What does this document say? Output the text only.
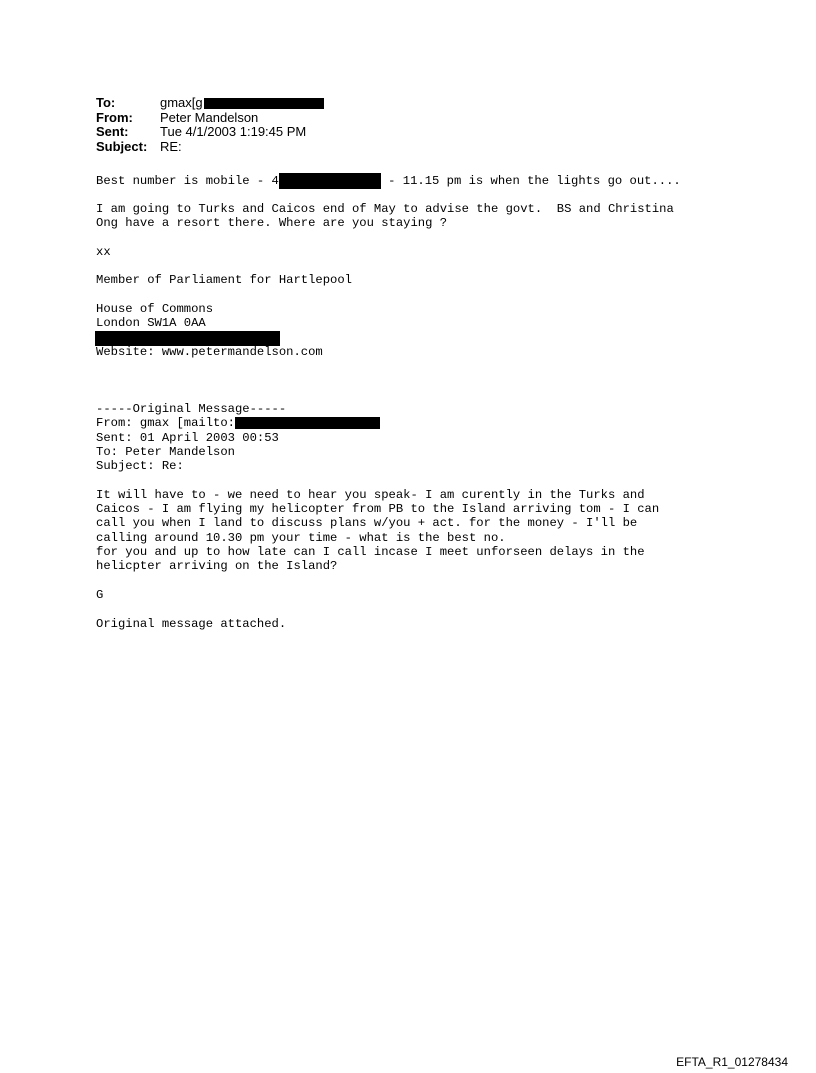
To:	gmax[g
From:	Peter Mandelson
Sent:	Tue 4/1/2003 1:19:45 PM
Subject: RE:
Best number is mobile - 4	- 11.15 pm is when the lights go out....
I am going to Turks and Caicos end of May to advise the govt.  BS and Christina
Ong have a resort there. Where are you staying ?
xx
Member of Parliament for Hartlepool
House of Commons
London SW1A 0AA
Website: www.petermandelson.com
-----Original Message-----
From: gmax [mailto:
Sent: 01 April 2003 00:53
To: Peter Mandelson
Subject: Re:
It will have to - we need to hear you speak- I am curently in the Turks and
Caicos - I am flying my helicopter from PB to the Island arriving tom - I can
call you when I land to discuss plans w/you + act. for the money - I'll be
calling around 10.30 pm your time - what is the best no.
for you and up to how late can I call incase I meet unforseen delays in the
helicpter arriving on the Island?
G
Original message attached.
EFTA_R1_01278434
